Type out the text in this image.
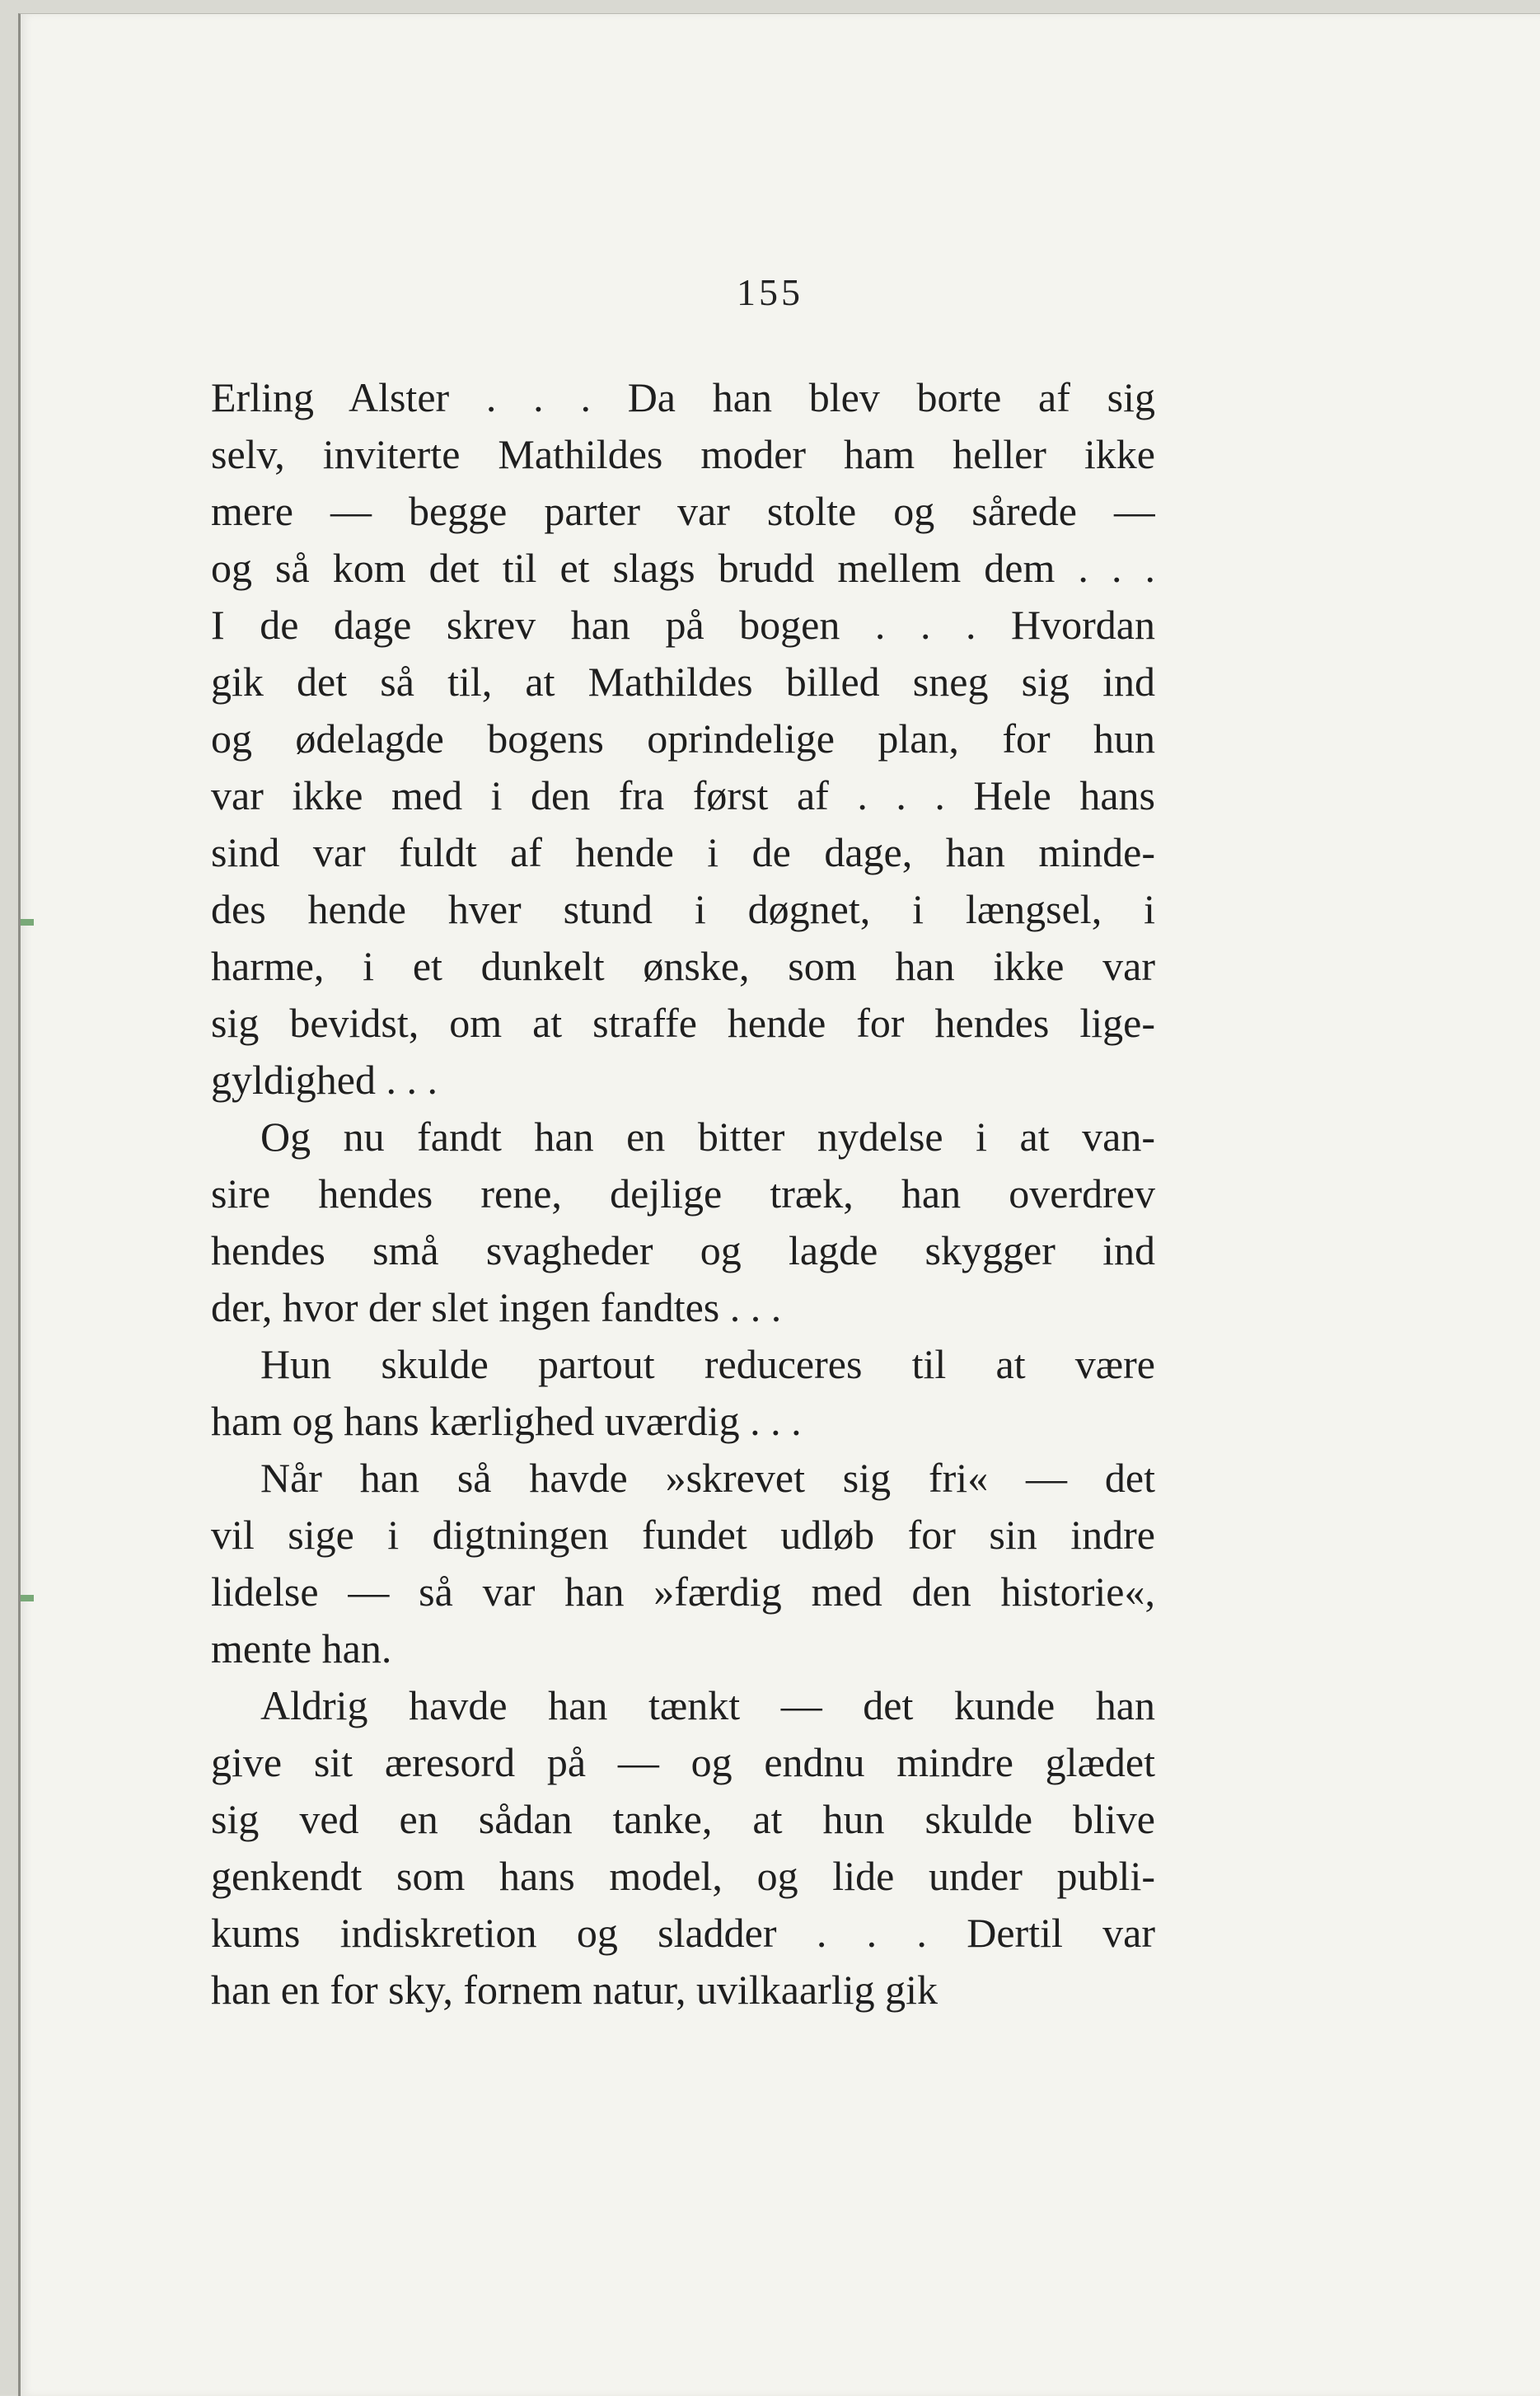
155
Erling Alster . . . Da han blev borte af sig
selv, inviterte Mathildes moder ham heller ikke
mere — begge parter var stolte og sårede —
og så kom det til et slags brudd mellem dem . . .
I de dage skrev han på bogen . . . Hvordan
gik det så til, at Mathildes billed sneg sig ind
og ødelagde bogens oprindelige plan, for hun
var ikke med i den fra først af . . . Hele hans
sind var fuldt af hende i de dage, han minde-
des hende hver stund i døgnet, i længsel, i
harme, i et dunkelt ønske, som han ikke var
sig bevidst, om at straffe hende for hendes lige-
gyldighed . . .
Og nu fandt han en bitter nydelse i at van-
sire hendes rene, dejlige træk, han overdrev
hendes små svagheder og lagde skygger ind
der, hvor der slet ingen fandtes . . .
Hun skulde partout reduceres til at være
ham og hans kærlighed uværdig . . .
Når han så havde »skrevet sig fri« — det
vil sige i digtningen fundet udløb for sin indre
lidelse — så var han »færdig med den historie«,
mente han.
Aldrig havde han tænkt — det kunde han
give sit æresord på — og endnu mindre glædet
sig ved en sådan tanke, at hun skulde blive
genkendt som hans model, og lide under publi-
kums indiskretion og sladder . . . Dertil var
han en for sky, fornem natur, uvilkaarlig gik
